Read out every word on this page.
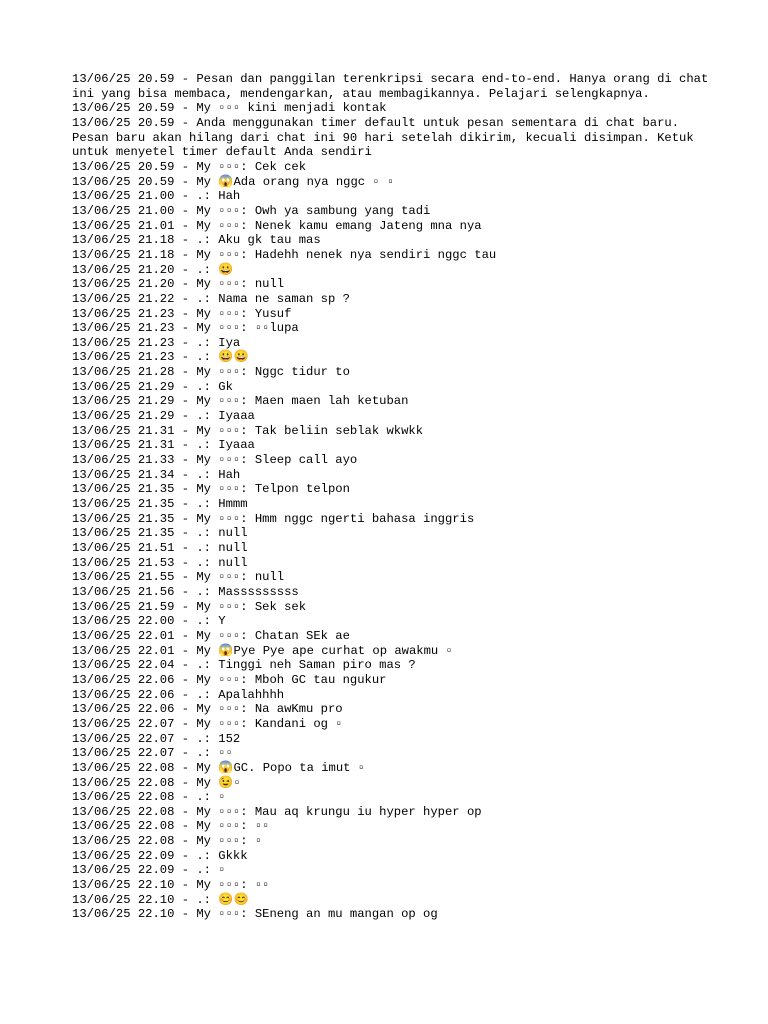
13/06/25 20.59 - Pesan dan panggilan terenkripsi secara end-to-end. Hanya orang di chat ini yang bisa membaca, mendengarkan, atau membagikannya. Pelajari selengkapnya.
13/06/25 20.59 - My ▫▫▫ kini menjadi kontak
13/06/25 20.59 - Anda menggunakan timer default untuk pesan sementara di chat baru. Pesan baru akan hilang dari chat ini 90 hari setelah dikirim, kecuali disimpan. Ketuk untuk menyetel timer default Anda sendiri
13/06/25 20.59 - My ▫▫▫: Cek cek
13/06/25 20.59 - My 😱Ada orang nya nggc ▫ ▫
13/06/25 21.00 - .: Hah
13/06/25 21.00 - My ▫▫▫: Owh ya sambung yang tadi
13/06/25 21.01 - My ▫▫▫: Nenek kamu emang Jateng mna nya
13/06/25 21.18 - .: Aku gk tau mas
13/06/25 21.18 - My ▫▫▫: Hadehh nenek nya sendiri nggc tau
13/06/25 21.20 - .: 😀
13/06/25 21.20 - My ▫▫▫: null
13/06/25 21.22 - .: Nama ne saman sp ?
13/06/25 21.23 - My ▫▫▫: Yusuf
13/06/25 21.23 - My ▫▫▫: ▫▫lupa
13/06/25 21.23 - .: Iya
13/06/25 21.23 - .: 😀😀
13/06/25 21.28 - My ▫▫▫: Nggc tidur to
13/06/25 21.29 - .: Gk
13/06/25 21.29 - My ▫▫▫: Maen maen lah ketuban
13/06/25 21.29 - .: Iyaaa
13/06/25 21.31 - My ▫▫▫: Tak beliin seblak wkwkk
13/06/25 21.31 - .: Iyaaa
13/06/25 21.33 - My ▫▫▫: Sleep call ayo
13/06/25 21.34 - .: Hah
13/06/25 21.35 - My ▫▫▫: Telpon telpon
13/06/25 21.35 - .: Hmmm
13/06/25 21.35 - My ▫▫▫: Hmm nggc ngerti bahasa inggris
13/06/25 21.35 - .: null
13/06/25 21.51 - .: null
13/06/25 21.53 - .: null
13/06/25 21.55 - My ▫▫▫: null
13/06/25 21.56 - .: Masssssssss
13/06/25 21.59 - My ▫▫▫: Sek sek
13/06/25 22.00 - .: Y
13/06/25 22.01 - My ▫▫▫: Chatan SEk ae
13/06/25 22.01 - My 😱Pye Pye ape curhat op awakmu ▫
13/06/25 22.04 - .: Tinggi neh Saman piro mas ?
13/06/25 22.06 - My ▫▫▫: Mboh GC tau ngukur
13/06/25 22.06 - .: Apalahhhh
13/06/25 22.06 - My ▫▫▫: Na awKmu pro
13/06/25 22.07 - My ▫▫▫: Kandani og ▫
13/06/25 22.07 - .: 152
13/06/25 22.07 - .: ▫▫
13/06/25 22.08 - My 😱GC. Popo ta imut ▫
13/06/25 22.08 - My 😉▫
13/06/25 22.08 - .: ▫
13/06/25 22.08 - My ▫▫▫: Mau aq krungu iu hyper hyper op
13/06/25 22.08 - My ▫▫▫: ▫▫
13/06/25 22.08 - My ▫▫▫: ▫
13/06/25 22.09 - .: Gkkk
13/06/25 22.09 - .: ▫
13/06/25 22.10 - My ▫▫▫: ▫▫
13/06/25 22.10 - .: 😊😊
13/06/25 22.10 - My ▫▫▫: SEneng an mu mangan op og
